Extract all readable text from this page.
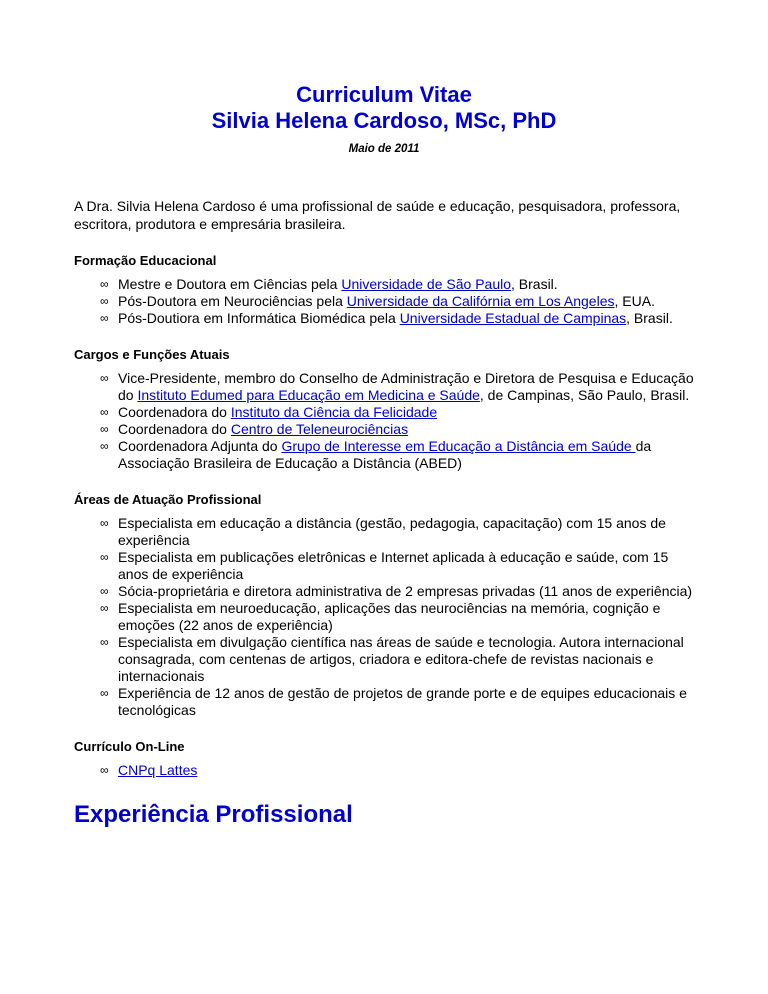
Curriculum Vitae
Silvia Helena Cardoso, MSc, PhD
Maio de 2011

A Dra. Silvia Helena Cardoso é uma profissional de saúde e educação, pesquisadora, professora, escritora, produtora e empresária brasileira.

Formação Educacional
∞ Mestre e Doutora em Ciências pela Universidade de São Paulo, Brasil.
∞ Pós-Doutora em Neurociências pela Universidade da Califórnia em Los Angeles, EUA.
∞ Pós-Doutiora em Informática Biomédica pela Universidade Estadual de Campinas, Brasil.
Cargos e Funções Atuais
∞ Vice-Presidente, membro do Conselho de Administração e Diretora de Pesquisa e Educação do Instituto Edumed para Educação em Medicina e Saúde, de Campinas, São Paulo, Brasil.
∞ Coordenadora do Instituto da Ciência da Felicidade
∞ Coordenadora do Centro de Teleneurociências
∞ Coordenadora Adjunta do Grupo de Interesse em Educação a Distância em Saúde da Associação Brasileira de Educação a Distância (ABED)
Áreas de Atuação Profissional
∞ Especialista em educação a distância (gestão, pedagogia, capacitação) com 15 anos de experiência
∞ Especialista em publicações eletrônicas e Internet aplicada à educação e saúde, com 15 anos de experiência
∞ Sócia-proprietária e diretora administrativa de 2 empresas privadas (11 anos de experiência)
∞ Especialista em neuroeducação, aplicações das neurociências na memória, cognição e emoções (22 anos de experiência)
∞ Especialista em divulgação científica nas áreas de saúde e tecnologia. Autora internacional consagrada, com centenas de artigos, criadora e editora-chefe de revistas nacionais e internacionais
∞ Experiência de 12 anos de gestão de projetos de grande porte e de equipes educacionais e tecnológicas
Currículo On-Line
∞ CNPq Lattes
Experiência Profissional
